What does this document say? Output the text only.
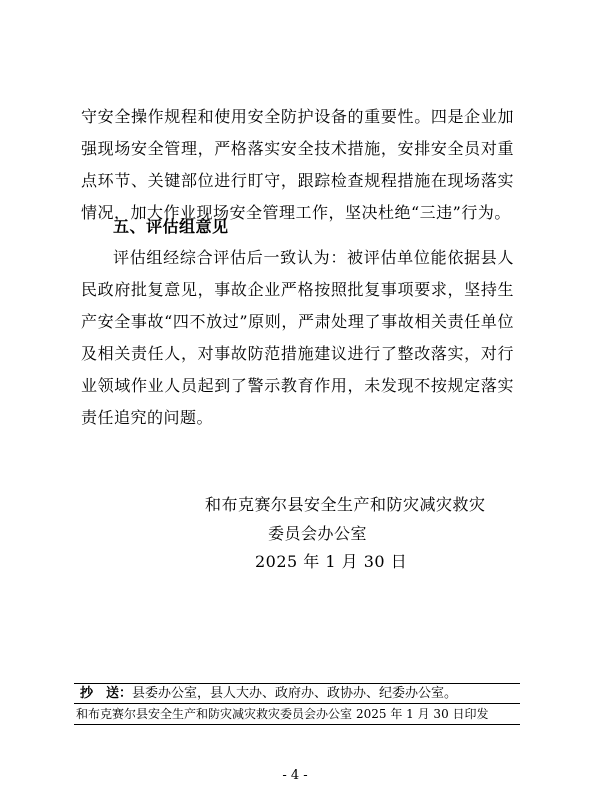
守安全操作规程和使用安全防护设备的重要性。四是企业加强现场安全管理，严格落实安全技术措施，安排安全员对重点环节、关键部位进行盯守，跟踪检查规程措施在现场落实情况，加大作业现场安全管理工作，坚决杜绝“三违”行为。

五、评估组意见

评估组经综合评估后一致认为：被评估单位能依据县人民政府批复意见，事故企业严格按照批复事项要求，坚持生产安全事故“四不放过”原则，严肃处理了事故相关责任单位及相关责任人，对事故防范措施建议进行了整改落实，对行业领域作业人员起到了警示教育作用，未发现不按规定落实责任追究的问题。

和布克赛尔县安全生产和防灾减灾救灾
委员会办公室
2025 年 1 月 30 日
抄　送：县委办公室，县人大办、政府办、政协办、纪委办公室。
和布克赛尔县安全生产和防灾减灾救灾委员会办公室 2025 年 1 月 30 日印发
- 4 -
